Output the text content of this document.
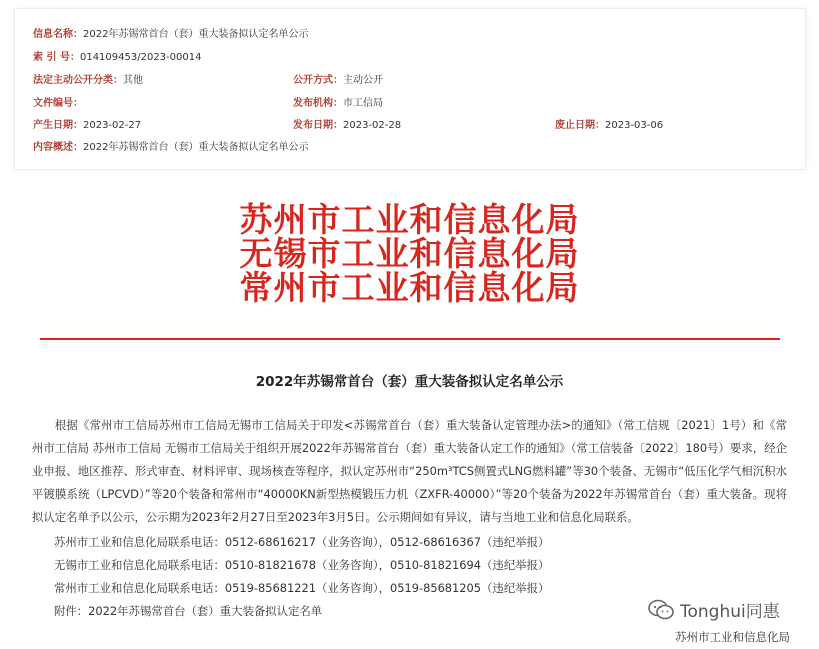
信息名称：2022年苏锡常首台（套）重大装备拟认定名单公示
索 引 号：014109453/2023-00014
法定主动公开分类：其他	公开方式：主动公开
文件编号：	发布机构：市工信局
产生日期：2023-02-27	发布日期：2023-02-28	废止日期：2023-03-06
内容概述：2022年苏锡常首台（套）重大装备拟认定名单公示
苏州市工业和信息化局
无锡市工业和信息化局
常州市工业和信息化局
2022年苏锡常首台（套）重大装备拟认定名单公示

根据《常州市工信局苏州市工信局无锡市工信局关于印发<苏锡常首台（套）重大装备认定管理办法>的通知》（常工信规〔2021〕1号）和《常州市工信局 苏州市工信局 无锡市工信局关于组织开展2022年苏锡常首台（套）重大装备认定工作的通知》（常工信装备〔2022〕180号）要求，经企业申报、地区推荐、形式审查、材料评审、现场核查等程序，拟认定苏州市“250m³TCS侧置式LNG燃料罐”等30个装备、无锡市“低压化学气相沉积水平镀膜系统（LPCVD）”等20个装备和常州市“40000KN新型热模锻压力机（ZXFR-40000）”等20个装备为2022年苏锡常首台（套）重大装备。现将拟认定名单予以公示，公示期为2023年2月27日至2023年3月5日。公示期间如有异议，请与当地工业和信息化局联系。

苏州市工业和信息化局联系电话：0512-68616217（业务咨询），0512-68616367（违纪举报）
无锡市工业和信息化局联系电话：0510-81821678（业务咨询），0510-81821694（违纪举报）
常州市工业和信息化局联系电话：0519-85681221（业务咨询），0519-85681205（违纪举报）
附件：2022年苏锡常首台（套）重大装备拟认定名单	Tonghui同惠
苏州市工业和信息化局
